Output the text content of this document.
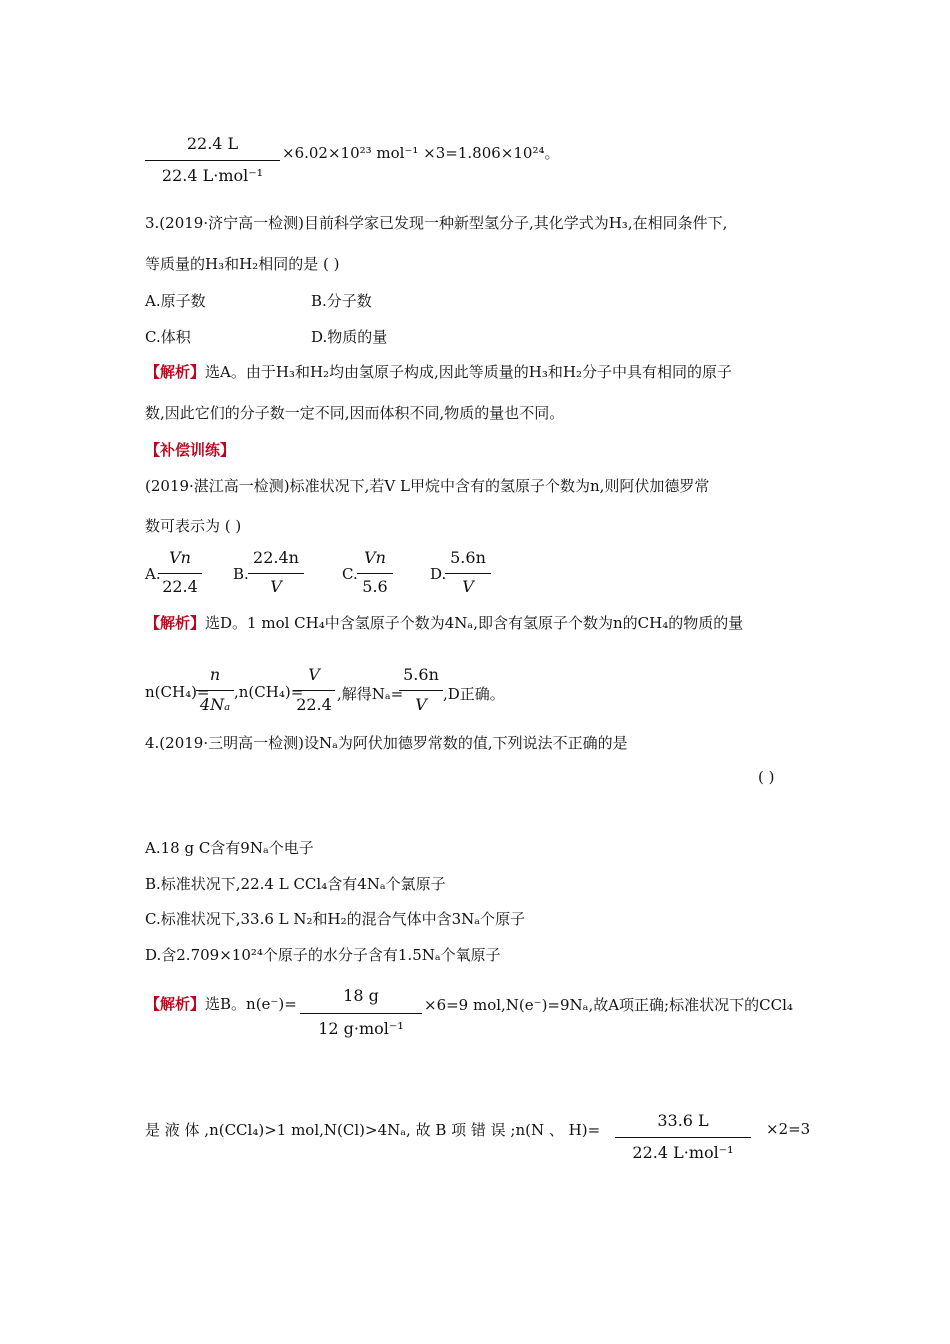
22.4 L
22.4 L·mol⁻¹
×6.02×10²³ mol⁻¹ ×3=1.806×10²⁴。
3.(2019·济宁高一检测)目前科学家已发现一种新型氢分子,其化学式为H₃,在相同条件下,
等质量的H₃和H₂相同的是 ( )
A.原子数	B.分子数
C.体积	D.物质的量
【解析】选A。由于H₃和H₂均由氢原子构成,因此等质量的H₃和H₂分子中具有相同的原子
数,因此它们的分子数一定不同,因而体积不同,物质的量也不同。
【补偿训练】
(2019·湛江高一检测)标准状况下,若V L甲烷中含有的氢原子个数为n,则阿伏加德罗常
数可表示为 ( )
A.
Vn
22.4
B.
22.4n
V
C.
Vn
5.6
D.
5.6n
V
【解析】选D。1 mol CH₄中含氢原子个数为4Nₐ,即含有氢原子个数为n的CH₄的物质的量
n(CH₄)=
n
4Nₐ
,n(CH₄)=
V
22.4
,解得Nₐ=
5.6n
V
,D正确。
4.(2019·三明高一检测)设Nₐ为阿伏加德罗常数的值,下列说法不正确的是
( )
A.18 g C含有9Nₐ个电子
B.标准状况下,22.4 L CCl₄含有4Nₐ个氯原子
C.标准状况下,33.6 L N₂和H₂的混合气体中含3Nₐ个原子
D.含2.709×10²⁴个原子的水分子含有1.5Nₐ个氧原子
【解析】选B。n(e⁻)=	18 g
12 g·mol⁻¹
×6=9 mol,N(e⁻)=9Nₐ,故A项正确;标准状况下的CCl₄
是 液 体 ,n(CCl₄)>1 mol,N(Cl)>4Nₐ, 故 B 项 错 误 ;n(N 、 H)=	33.6 L
22.4 L·mol⁻¹
×2=3
